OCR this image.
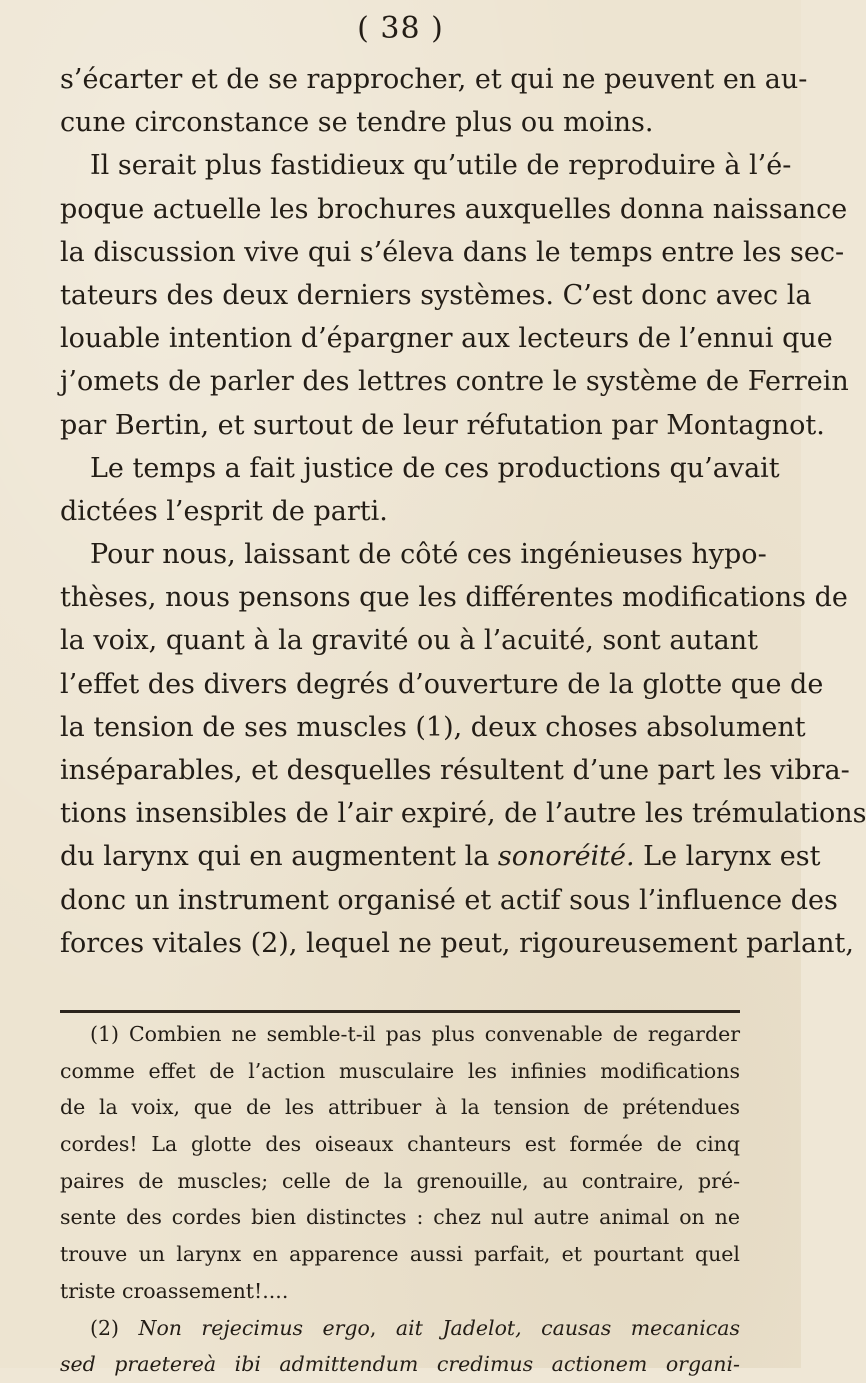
( 38 )
s’écarter et de se rapprocher, et qui ne peuvent en au-
cune circonstance se tendre plus ou moins.
Il serait plus fastidieux qu’utile de reproduire à l’é-
poque actuelle les brochures auxquelles donna naissance
la discussion vive qui s’éleva dans le temps entre les sec-
tateurs des deux derniers systèmes. C’est donc avec la
louable intention d’épargner aux lecteurs de l’ennui que
j’omets de parler des lettres contre le système de Ferrein
par Bertin, et surtout de leur réfutation par Montagnot.
Le temps a fait justice de ces productions qu’avait
dictées l’esprit de parti.
Pour nous, laissant de côté ces ingénieuses hypo-
thèses, nous pensons que les différentes modifications de
la voix, quant à la gravité ou à l’acuité, sont autant
l’effet des divers degrés d’ouverture de la glotte que de
la tension de ses muscles (1), deux choses absolument
inséparables, et desquelles résultent d’une part les vibra-
tions insensibles de l’air expiré, de l’autre les trémulations
du larynx qui en augmentent la sonoréité. Le larynx est
donc un instrument organisé et actif sous l’influence des
forces vitales (2), lequel ne peut, rigoureusement parlant,
(1) Combien ne semble-t-il pas plus convenable de regarder
comme effet de l’action musculaire les infinies modifications
de la voix, que de les attribuer à la tension de prétendues
cordes! La glotte des oiseaux chanteurs est formée de cinq
paires de muscles; celle de la grenouille, au contraire, pré-
sente des cordes bien distinctes : chez nul autre animal on ne
trouve un larynx en apparence aussi parfait, et pourtant quel
triste croassement!....
(2) Non rejecimus ergo, ait Jadelot, causas mecanicas
sed praetereà ibi admittendum credimus actionem organi-
